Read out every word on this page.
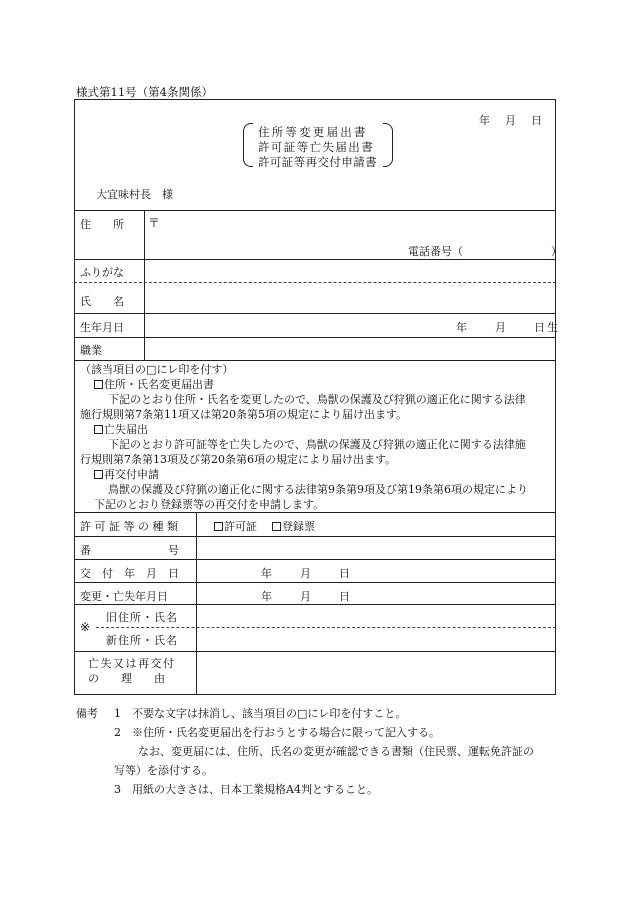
様式第11号（第4条関係）
年　月　日
住所等変更届出書
許可証等亡失届出書
許可証等再交付申請書
大宜味村長　様
住　　所 〒
電話番号（　　　　　　　　）
ふりがな
氏　　名
生年月日	年　　月　　日生
職業
（該当項目の□にレ印を付す）
住所・氏名変更届出書
下記のとおり住所・氏名を変更したので、鳥獣の保護及び狩猟の適正化に関する法律
施行規則第7条第11項又は第20条第5項の規定により届け出ます。
亡失届出
下記のとおり許可証等を亡失したので、鳥獣の保護及び狩猟の適正化に関する法律施
行規則第7条第13項及び第20条第6項の規定により届け出ます。
再交付申請
鳥獣の保護及び狩猟の適正化に関する法律第9条第9項及び第19条第6項の規定により
下記のとおり登録票等の再交付を申請します。
許 可 証 等 の 種 類	許可証	登録票
番　　　　　　　号
交　付　年　月　日	年　　月　　日
変更・亡失年月日	年　　月　　日
※
旧住所・氏名
新住所・氏名
亡失又は再交付
の　　理　　由
備考 1　不要な文字は抹消し、該当項目の□にレ印を付すこと。
2　※住所・氏名変更届出を行おうとする場合に限って記入する。
なお、変更届には、住所、氏名の変更が確認できる書類（住民票、運転免許証の
写等）を添付する。
3　用紙の大きさは、日本工業規格A4判とすること。
